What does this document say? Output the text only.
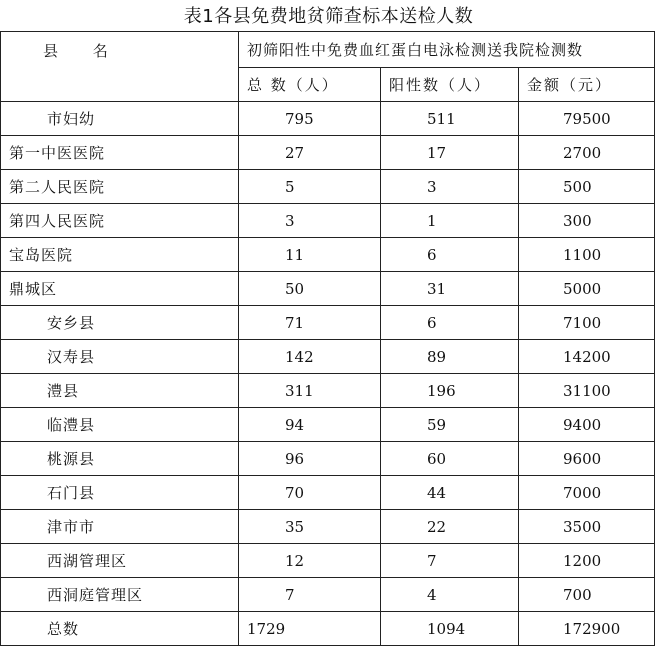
表1各县免费地贫筛查标本送检人数
县 名	初筛阳性中免费血红蛋白电泳检测送我院检测数		
	总 数（人）	阳性数（人）	金额（元）
市妇幼	795	511	79500
第一中医医院	27	17	2700
第二人民医院	5	3	500
第四人民医院	3	1	300
宝岛医院	11	6	1100
鼎城区	50	31	5000
安乡县	71	6	7100
汉寿县	142	89	14200
澧县	311	196	31100
临澧县	94	59	9400
桃源县	96	60	9600
石门县	70	44	7000
津市市	35	22	3500
西湖管理区	12	7	1200
西洞庭管理区	7	4	700
总数	1729	1094	172900
